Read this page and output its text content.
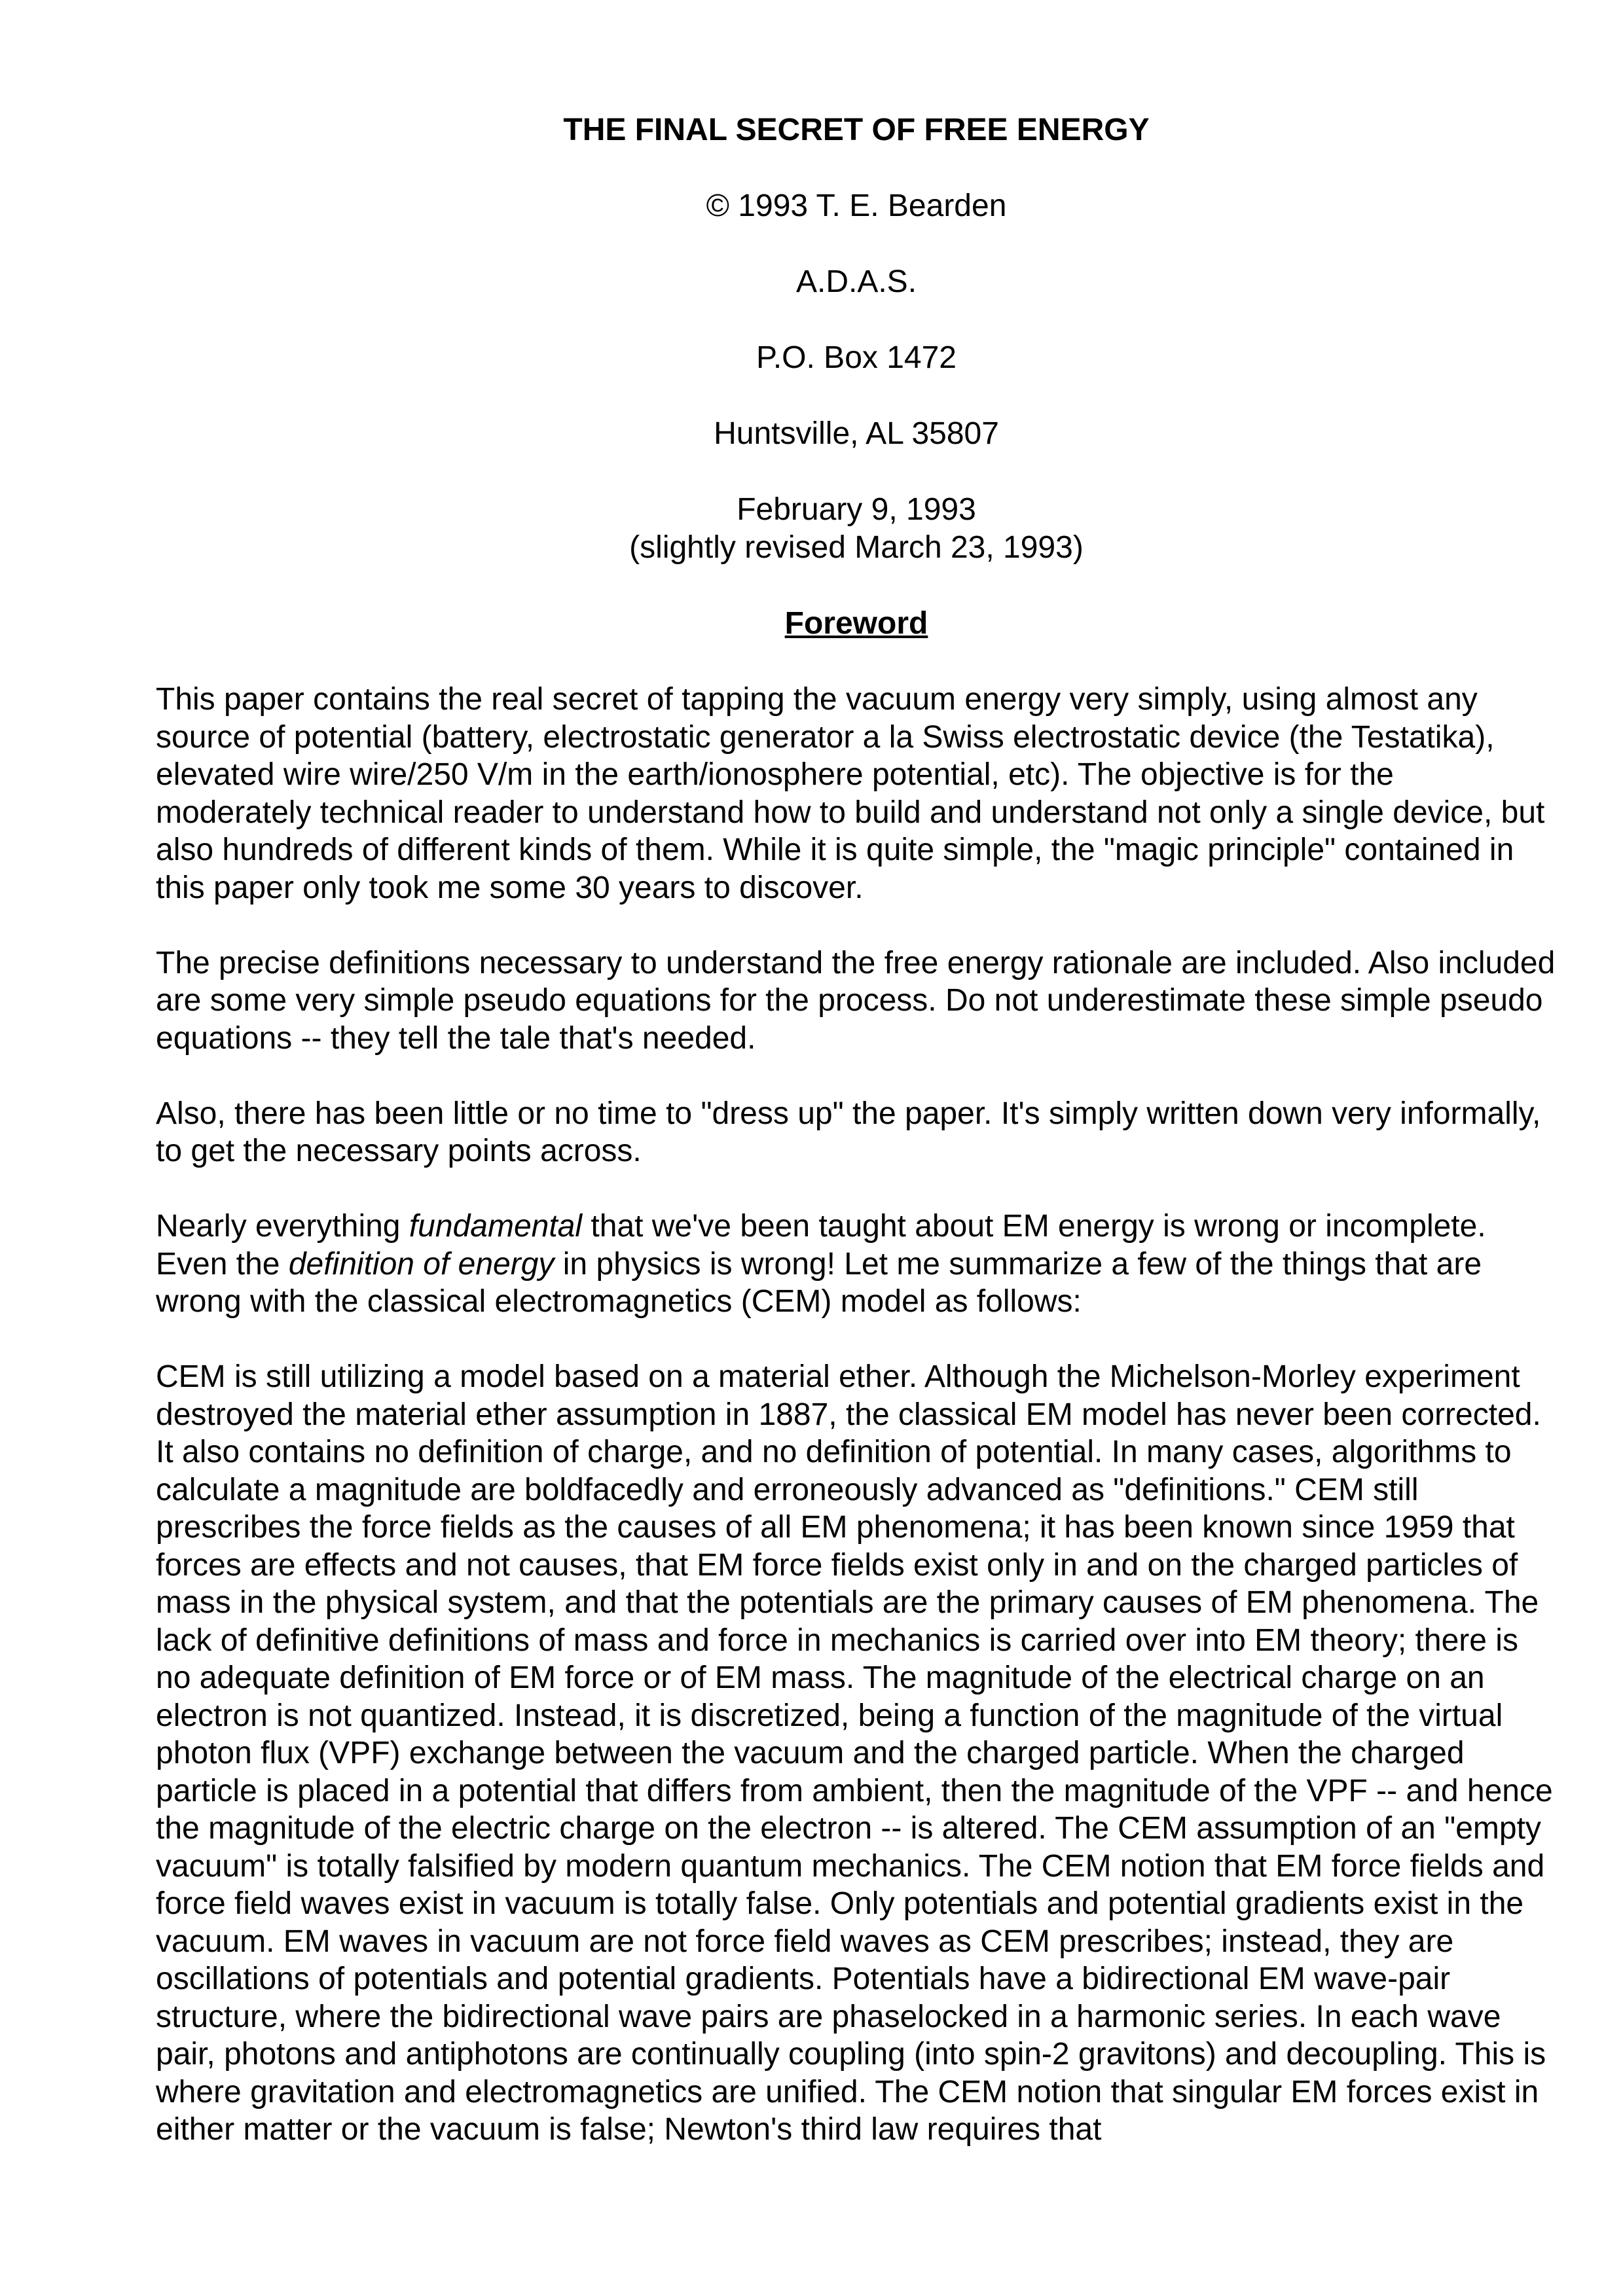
THE FINAL SECRET OF FREE ENERGY
© 1993 T. E. Bearden
A.D.A.S.
P.O. Box 1472
Huntsville, AL 35807
February 9, 1993
(slightly revised March 23, 1993)
Foreword

This paper contains the real secret of tapping the vacuum energy very simply, using almost any source of potential (battery, electrostatic generator a la Swiss electrostatic device (the Testatika), elevated wire wire/250 V/m in the earth/ionosphere potential, etc). The objective is for the moderately technical reader to understand how to build and understand not only a single device, but also hundreds of different kinds of them. While it is quite simple, the "magic principle" contained in this paper only took me some 30 years to discover.

The precise definitions necessary to understand the free energy rationale are included. Also included are some very simple pseudo equations for the process. Do not underestimate these simple pseudo equations -- they tell the tale that's needed.

Also, there has been little or no time to "dress up" the paper. It's simply written down very informally, to get the necessary points across.

Nearly everything fundamental that we've been taught about EM energy is wrong or incomplete. Even the definition of energy in physics is wrong! Let me summarize a few of the things that are wrong with the classical electromagnetics (CEM) model as follows:

CEM is still utilizing a model based on a material ether. Although the Michelson-Morley experiment destroyed the material ether assumption in 1887, the classical EM model has never been corrected. It also contains no definition of charge, and no definition of potential. In many cases, algorithms to calculate a magnitude are boldfacedly and erroneously advanced as "definitions." CEM still prescribes the force fields as the causes of all EM phenomena; it has been known since 1959 that forces are effects and not causes, that EM force fields exist only in and on the charged particles of mass in the physical system, and that the potentials are the primary causes of EM phenomena. The lack of definitive definitions of mass and force in mechanics is carried over into EM theory; there is no adequate definition of EM force or of EM mass. The magnitude of the electrical charge on an electron is not quantized. Instead, it is discretized, being a function of the magnitude of the virtual photon flux (VPF) exchange between the vacuum and the charged particle. When the charged particle is placed in a potential that differs from ambient, then the magnitude of the VPF -- and hence the magnitude of the electric charge on the electron -- is altered. The CEM assumption of an "empty vacuum" is totally falsified by modern quantum mechanics. The CEM notion that EM force fields and force field waves exist in vacuum is totally false. Only potentials and potential gradients exist in the vacuum. EM waves in vacuum are not force field waves as CEM prescribes; instead, they are oscillations of potentials and potential gradients. Potentials have a bidirectional EM wave-pair structure, where the bidirectional wave pairs are phaselocked in a harmonic series. In each wave pair, photons and antiphotons are continually coupling (into spin-2 gravitons) and decoupling. This is where gravitation and electromagnetics are unified. The CEM notion that singular EM forces exist in either matter or the vacuum is false; Newton's third law requires that
